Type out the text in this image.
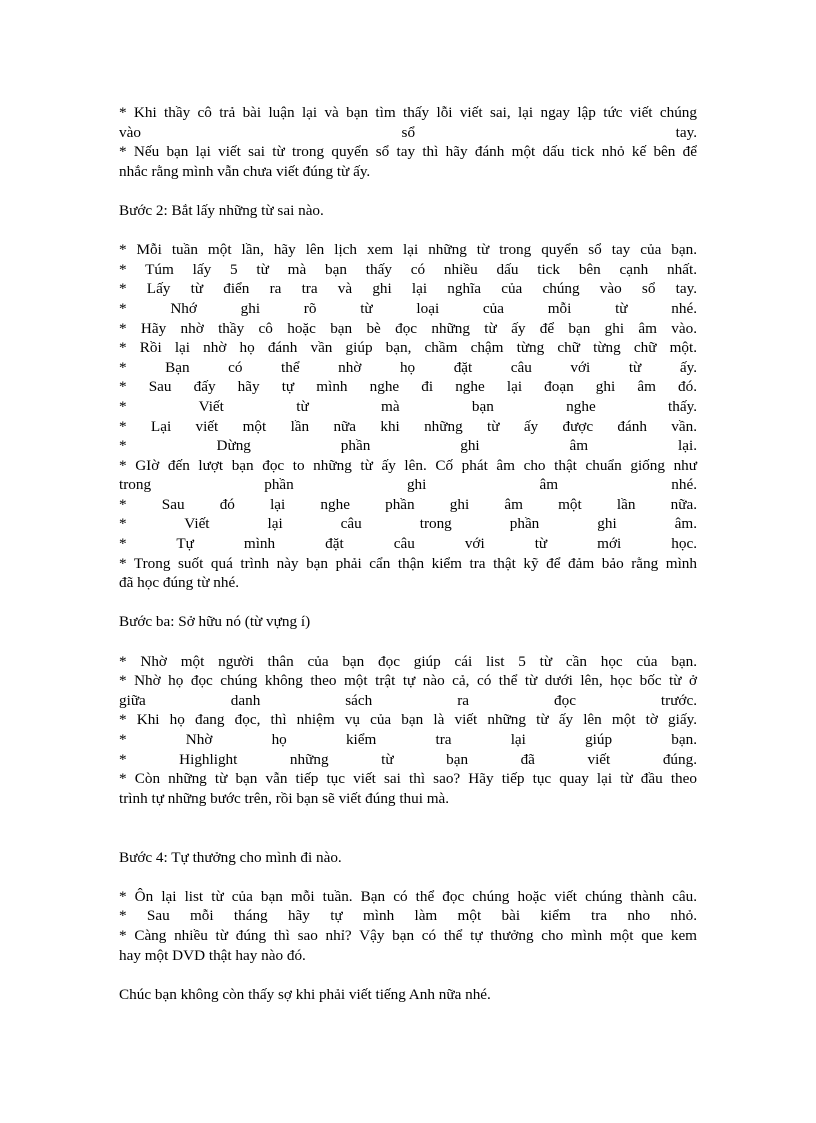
* Khi thầy cô trả bài luận lại và bạn tìm thấy lỗi viết sai, lại ngay lập tức viết chúng
vào sổ tay.
* Nếu bạn lại viết sai từ trong quyển sổ tay thì hãy đánh một dấu tick nhỏ kế bên để
nhắc rằng mình vẫn chưa viết đúng từ ấy.
Bước 2: Bắt lấy những từ sai nào.
* Mỗi tuần một lần, hãy lên lịch xem lại những từ trong quyển sổ tay của bạn.
* Túm lấy 5 từ mà bạn thấy có nhiều dấu tick bên cạnh nhất.
* Lấy từ điển ra tra và ghi lại nghĩa của chúng vào sổ tay.
* Nhớ ghi rõ từ loại của mỗi từ nhé.
* Hãy nhờ thầy cô hoặc bạn bè đọc những từ ấy để bạn ghi âm vào.
* Rồi lại nhờ họ đánh vần giúp bạn, chầm chậm từng chữ từng chữ một.
* Bạn có thể nhờ họ đặt câu với từ ấy.
* Sau đấy hãy tự mình nghe đi nghe lại đoạn ghi âm đó.
* Viết từ mà bạn nghe thấy.
* Lại viết một lần nữa khi những từ ấy được đánh vần.
* Dừng phần ghi âm lại.
* GIờ đến lượt bạn đọc to những từ ấy lên. Cố phát âm cho thật chuẩn giống như
trong phần ghi âm nhé.
* Sau đó lại nghe phần ghi âm một lần nữa.
* Viết lại câu trong phần ghi âm.
* Tự mình đặt câu với từ mới học.
* Trong suốt quá trình này bạn phải cẩn thận kiểm tra thật kỹ để đảm bảo rằng mình
đã học đúng từ nhé.
Bước ba: Sở hữu nó (từ vựng í)
* Nhờ một người thân của bạn đọc giúp cái list 5 từ cần học của bạn.
* Nhờ họ đọc chúng không theo một trật tự nào cả, có thể từ dưới lên, học bốc từ ở
giữa danh sách ra đọc trước.
* Khi họ đang đọc, thì nhiệm vụ của bạn là viết những từ ấy lên một tờ giấy.
* Nhờ họ kiểm tra lại giúp bạn.
* Highlight những từ bạn đã viết đúng.
* Còn những từ bạn vẫn tiếp tục viết sai thì sao? Hãy tiếp tục quay lại từ đầu theo
trình tự những bước trên, rồi bạn sẽ viết đúng thui mà.
Bước 4: Tự thưởng cho mình đi nào.
* Ôn lại list từ của bạn mỗi tuần. Bạn có thể đọc chúng hoặc viết chúng thành câu.
* Sau mỗi tháng hãy tự mình làm một bài kiểm tra nho nhỏ.
* Càng nhiều từ đúng thì sao nhỉ? Vậy bạn có thể tự thưởng cho mình một que kem
hay một DVD thật hay nào đó.
Chúc bạn không còn thấy sợ khi phải viết tiếng Anh nữa nhé.
